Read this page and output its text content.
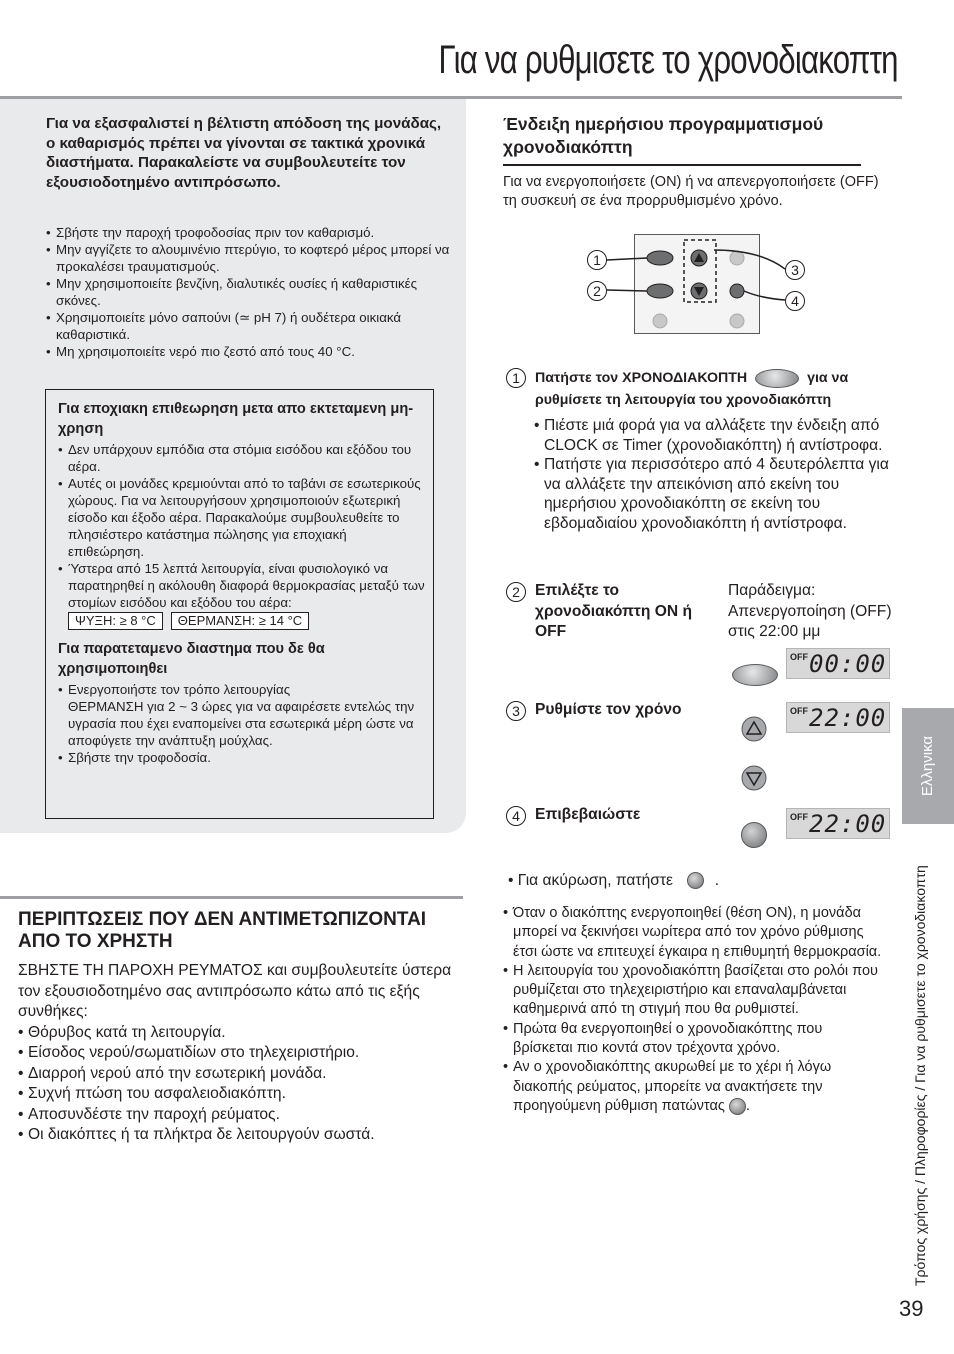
Για να ρυθμισετε το χρονοδιακοπτη
Για να εξασφαλιστεί η βέλτιστη απόδοση της μονάδας, ο καθαρισμός πρέπει να γίνονται σε τακτικά χρονικά διαστήματα. Παρακαλείστε να συμβουλευτείτε τον εξουσιοδοτημένο αντιπρόσωπο.
• Σβήστε την παροχή τροφοδοσίας πριν τον καθαρισμό.
• Μην αγγίζετε το αλουμινένιο πτερύγιο, το κοφτερό μέρος μπορεί να προκαλέσει τραυματισμούς.
• Μην χρησιμοποιείτε βενζίνη, διαλυτικές ουσίες ή καθαριστικές σκόνες.
• Χρησιμοποιείτε μόνο σαπούνι (≃ pH 7) ή ουδέτερα οικιακά καθαριστικά.
• Μη χρησιμοποιείτε νερό πιο ζεστό από τους 40 °C.
Για εποχιακη επιθεωρηση μετα απο εκτεταμενη μη-χρηση
• Δεν υπάρχουν εμπόδια στα στόμια εισόδου και εξόδου του αέρα.
• Αυτές οι μονάδες κρεμιούνται από το ταβάνι σε εσωτερικούς χώρους. Για να λειτουργήσουν χρησιμοποιούν εξωτερική είσοδο και έξοδο αέρα. Παρακαλούμε συμβουλευθείτε το πλησιέστερο κατάστημα πώλησης για εποχιακή επιθεώρηση.
• Ύστερα από 15 λεπτά λειτουργία, είναι φυσιολογικό να παρατηρηθεί η ακόλουθη διαφορά θερμοκρασίας μεταξύ των στομίων εισόδου και εξόδου του αέρα:
ΨΥΞΗ: ≥ 8 °C	ΘΕΡΜΑΝΣΗ: ≥ 14 °C
Για παρατεταμενο διαστημα που δε θα χρησιμοποιηθει
• Ενεργοποιήστε τον τρόπο λειτουργίας
ΘΕΡΜΑΝΣΗ για 2 ~ 3 ώρες για να αφαιρέσετε εντελώς την υγρασία που έχει εναπομείνει στα εσωτερικά μέρη ώστε να αποφύγετε την ανάπτυξη μούχλας.
• Σβήστε την τροφοδοσία.
ΠΕΡΙΠΤΩΣΕΙΣ ΠΟΥ ΔΕΝ ΑΝΤΙΜΕΤΩΠΙΖΟΝΤΑΙ ΑΠΟ ΤΟ ΧΡΗΣΤΗ
ΣΒΗΣΤΕ ΤΗ ΠΑΡΟΧΗ ΡΕΥΜΑΤΟΣ και συμβουλευτείτε ύστερα τον εξουσιοδοτημένο σας αντιπρόσωπο κάτω από τις εξής συνθήκες:
• Θόρυβος κατά τη λειτουργία.
• Είσοδος νερού/σωματιδίων στο τηλεχειριστήριο.
• Διαρροή νερού από την εσωτερική μονάδα.
• Συχνή πτώση του ασφαλειοδιακόπτη.
• Αποσυνδέστε την παροχή ρεύματος.
• Οι διακόπτες ή τα πλήκτρα δε λειτουργούν σωστά.
Ένδειξη ημερήσιου προγραμματισμού χρονοδιακόπτη
Για να ενεργοποιήσετε (ON) ή να απενεργοποιήσετε (OFF) τη συσκευή σε ένα προρρυθμισμένο χρόνο.
1
2
3
4
1	Πατήστε τον ΧΡΟΝΟΔΙΑΚΟΠΤΗ	για να
ρυθμίσετε τη λειτουργία του χρονοδιακόπτη
• Πιέστε μιά φορά για να αλλάξετε την ένδειξη από CLOCK σε Timer (χρονοδιακόπτη) ή αντίστροφα.
• Πατήστε για περισσότερο από 4 δευτερόλεπτα για να αλλάξετε την απεικόνιση από εκείνη του ημερήσιου χρονοδιακόπτη σε εκείνη του εβδομαδιαίου χρονοδιακόπτη ή αντίστροφα.
2 Επιλέξτε το χρονοδιακόπτη ON ή OFF
Παράδειγμα: Απενεργοποίηση (OFF) στις 22:00 μμ
OFF 00:00
3 Ρυθμίστε τον χρόνο	OFF 22:00
4 Επιβεβαιώστε	OFF 22:00
• Για ακύρωση, πατήστε	.
• Όταν ο διακόπτης ενεργοποιηθεί (θέση ON), η μονάδα μπορεί να ξεκινήσει νωρίτερα από τον χρόνο ρύθμισης έτσι ώστε να επιτευχεί έγκαιρα η επιθυμητή θερμοκρασία.
• Η λειτουργία του χρονοδιακόπτη βασίζεται στο ρολόι που ρυθμίζεται στο τηλεχειριστήριο και επαναλαμβάνεται καθημερινά από τη στιγμή που θα ρυθμιστεί.
• Πρώτα θα ενεργοποιηθεί ο χρονοδιακόπτης που βρίσκεται πιο κοντά στον τρέχοντα χρόνο.
• Αν ο χρονοδιακόπτης ακυρωθεί με το χέρι ή λόγω διακοπής ρεύματος, μπορείτε να ανακτήσετε την προηγούμενη ρύθμιση πατώντας .
Ελληνικα
Τρόπος χρήσης / Πληροφορίες / Για να ρυθμισετε το χρονοδιακοπτη
39
